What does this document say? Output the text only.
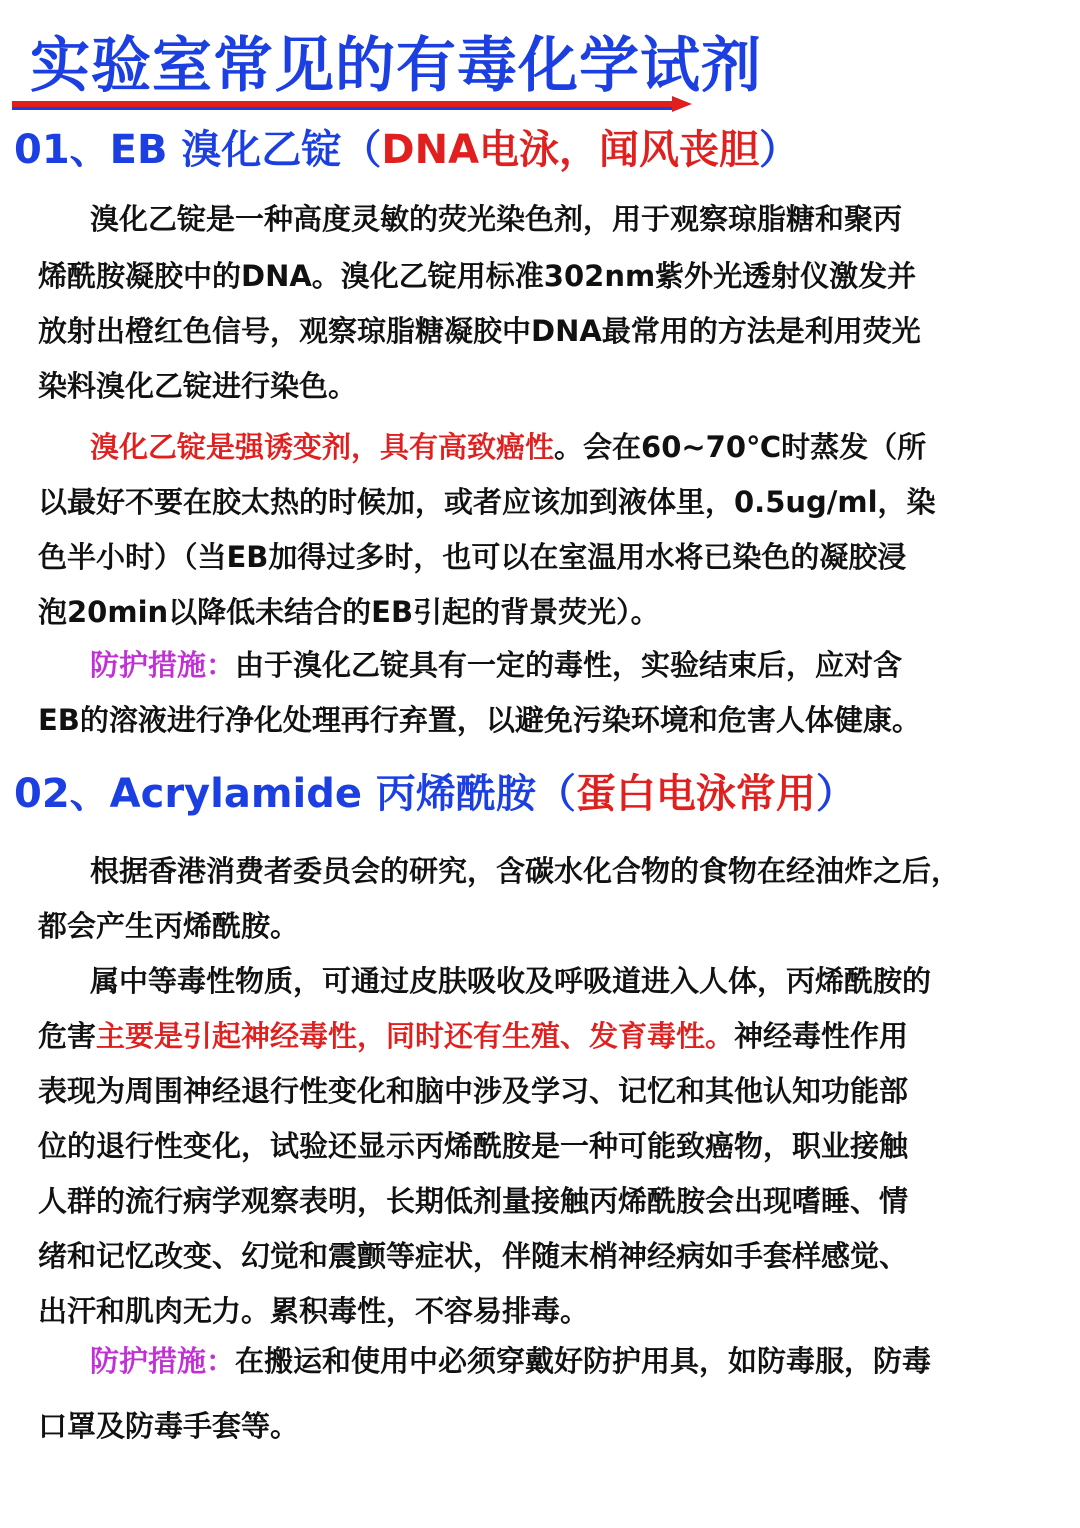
实验室常见的有毒化学试剂
01、EB 溴化乙锭（DNA电泳，闻风丧胆）
溴化乙锭是一种高度灵敏的荧光染色剂，用于观察琼脂糖和聚丙
烯酰胺凝胶中的DNA。溴化乙锭用标准302nm紫外光透射仪激发并
放射出橙红色信号，观察琼脂糖凝胶中DNA最常用的方法是利用荧光
染料溴化乙锭进行染色。
溴化乙锭是强诱变剂，具有高致癌性。会在60~70℃时蒸发（所
以最好不要在胶太热的时候加，或者应该加到液体里，0.5ug/ml，染
色半小时）（当EB加得过多时，也可以在室温用水将已染色的凝胶浸
泡20min以降低未结合的EB引起的背景荧光）。
防护措施：由于溴化乙锭具有一定的毒性，实验结束后，应对含
EB的溶液进行净化处理再行弃置，以避免污染环境和危害人体健康。
02、Acrylamide 丙烯酰胺（蛋白电泳常用）
根据香港消费者委员会的研究，含碳水化合物的食物在经油炸之后，
都会产生丙烯酰胺。
属中等毒性物质，可通过皮肤吸收及呼吸道进入人体，丙烯酰胺的
危害主要是引起神经毒性，同时还有生殖、发育毒性。神经毒性作用
表现为周围神经退行性变化和脑中涉及学习、记忆和其他认知功能部
位的退行性变化，试验还显示丙烯酰胺是一种可能致癌物，职业接触
人群的流行病学观察表明，长期低剂量接触丙烯酰胺会出现嗜睡、情
绪和记忆改变、幻觉和震颤等症状，伴随末梢神经病如手套样感觉、
出汗和肌肉无力。累积毒性，不容易排毒。
防护措施：在搬运和使用中必须穿戴好防护用具，如防毒服，防毒
口罩及防毒手套等。
